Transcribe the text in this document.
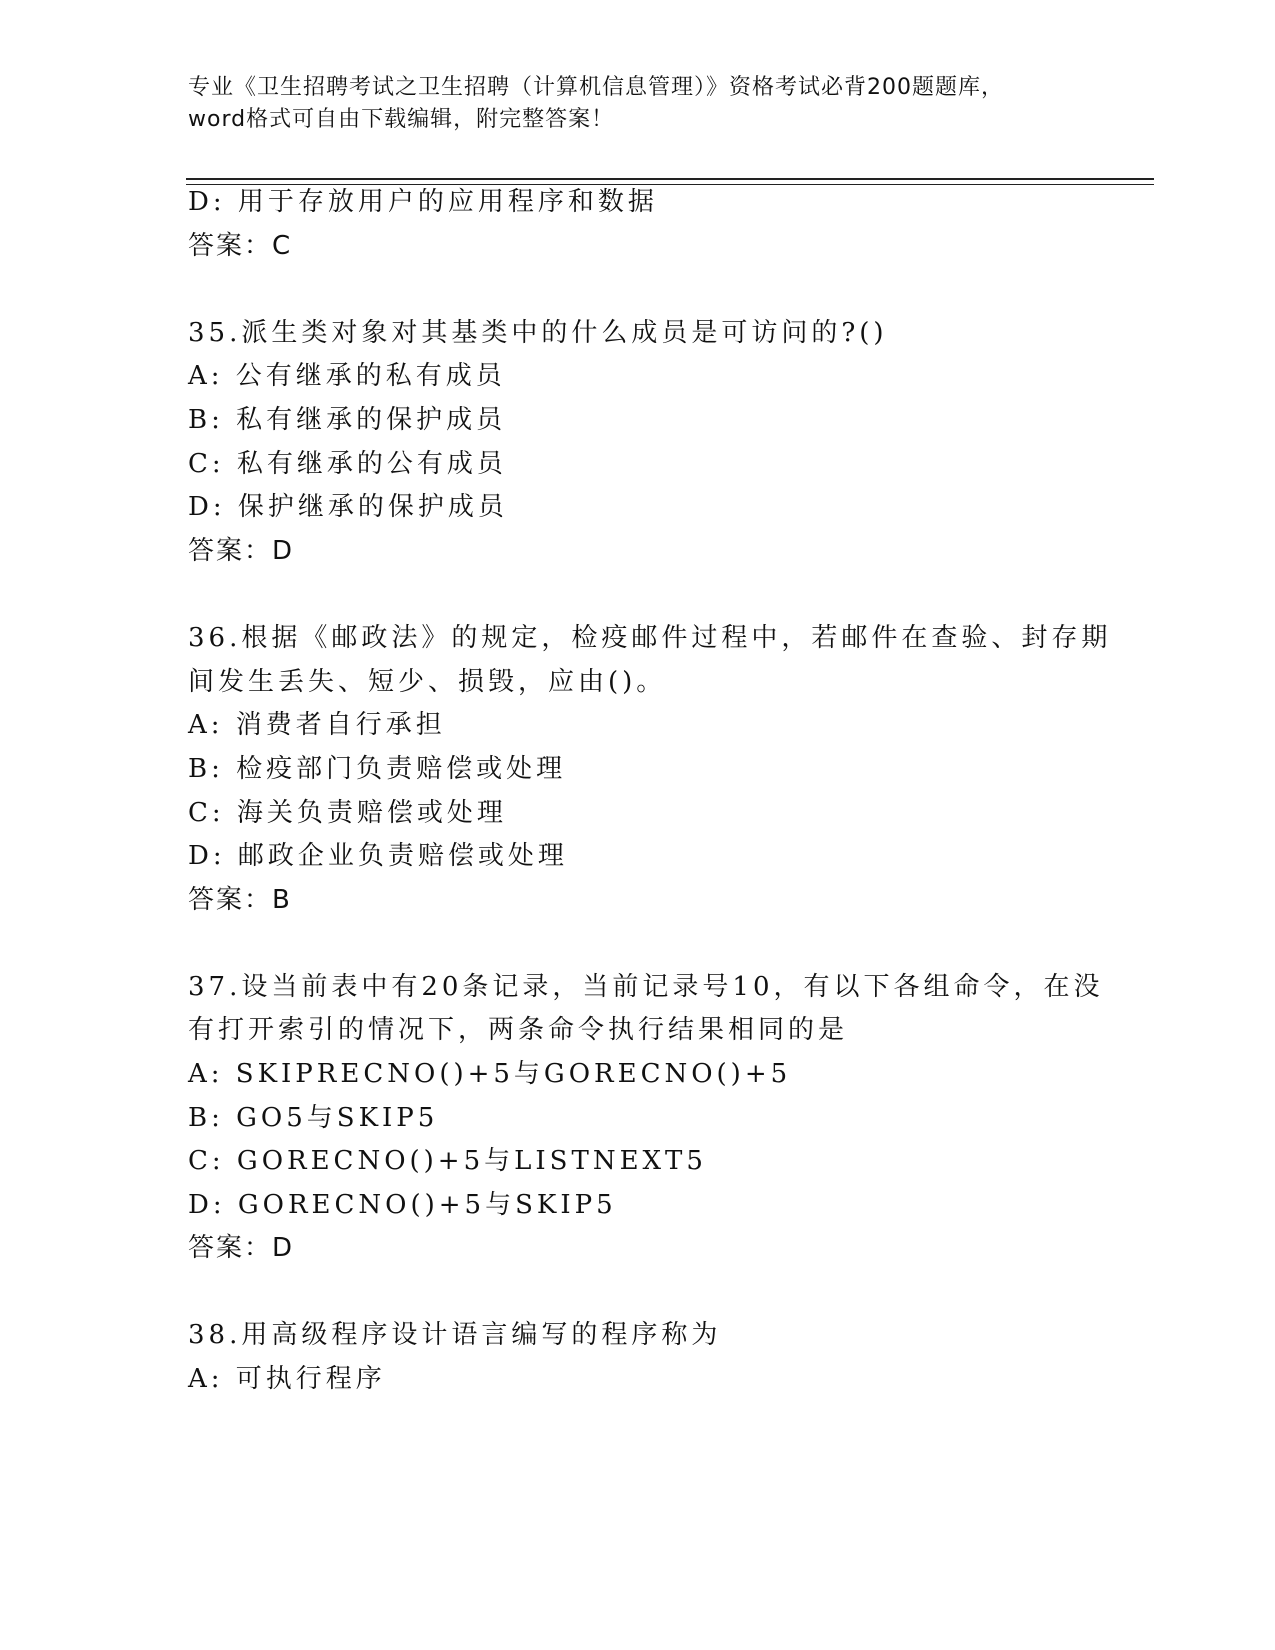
专业《卫生招聘考试之卫生招聘（计算机信息管理）》资格考试必背200题题库，
word格式可自由下载编辑，附完整答案！
D: 用于存放用户的应用程序和数据
答案：C
35.派生类对象对其基类中的什么成员是可访问的?()
A: 公有继承的私有成员
B: 私有继承的保护成员
C: 私有继承的公有成员
D: 保护继承的保护成员
答案：D
36.根据《邮政法》的规定，检疫邮件过程中，若邮件在查验、封存期
间发生丢失、短少、损毁，应由()。
A: 消费者自行承担
B: 检疫部门负责赔偿或处理
C: 海关负责赔偿或处理
D: 邮政企业负责赔偿或处理
答案：B
37.设当前表中有20条记录，当前记录号10，有以下各组命令，在没
有打开索引的情况下，两条命令执行结果相同的是
A: SKIPRECNO()+5与GORECNO()+5
B: GO5与SKIP5
C: GORECNO()+5与LISTNEXT5
D: GORECNO()+5与SKIP5
答案：D
38.用高级程序设计语言编写的程序称为
A: 可执行程序
